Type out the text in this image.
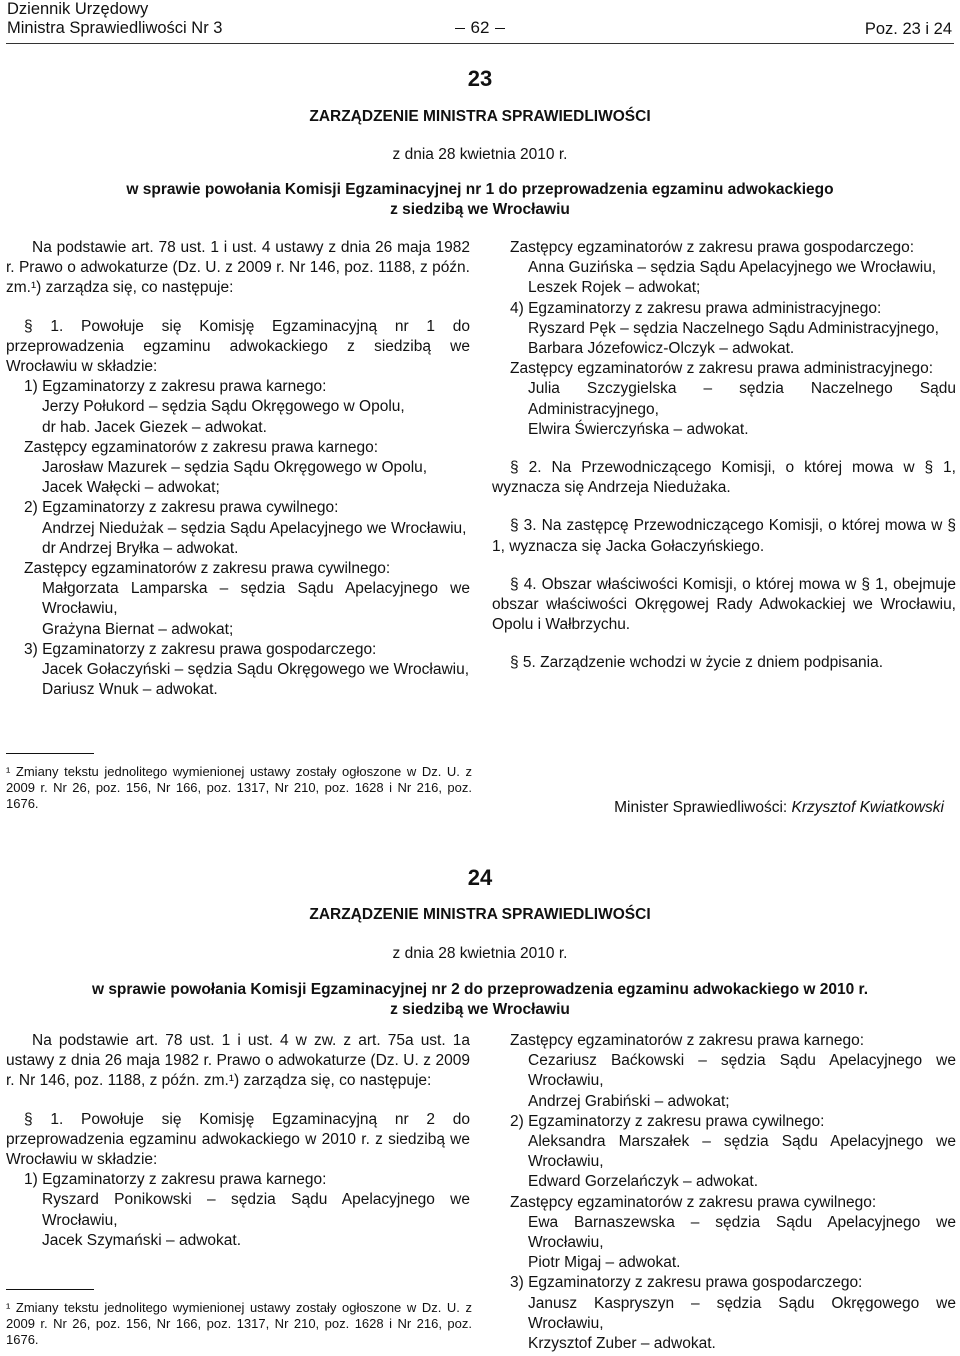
Dziennik Urzędowy
Ministra Sprawiedliwości Nr 3	62	Poz. 23 i 24
23
ZARZĄDZENIE MINISTRA SPRAWIEDLIWOŚCI
z dnia 28 kwietnia 2010 r.
w sprawie powołania Komisji Egzaminacyjnej nr 1 do przeprowadzenia egzaminu adwokackiego
z siedzibą we Wrocławiu

Na podstawie art. 78 ust. 1 i ust. 4 ustawy z dnia 26 maja 1982 r. Prawo o adwokaturze (Dz. U. z 2009 r. Nr 146, poz. 1188, z późn. zm.¹) zarządza się, co następuje:

§ 1. Powołuje się Komisję Egzaminacyjną nr 1 do przeprowadzenia egzaminu adwokackiego z siedzibą we Wrocławiu w składzie:

1) Egzaminatorzy z zakresu prawa karnego:

Jerzy Połukord – sędzia Sądu Okręgowego w Opolu,

dr hab. Jacek Giezek – adwokat.

Zastępcy egzaminatorów z zakresu prawa karnego:

Jarosław Mazurek – sędzia Sądu Okręgowego w Opolu,

Jacek Wałęcki – adwokat;

2) Egzaminatorzy z zakresu prawa cywilnego:

Andrzej Niedużak – sędzia Sądu Apelacyjnego we Wrocławiu,

dr Andrzej Bryłka – adwokat.

Zastępcy egzaminatorów z zakresu prawa cywilnego:

Małgorzata Lamparska – sędzia Sądu Apelacyjnego we Wrocławiu,

Grażyna Biernat – adwokat;

3) Egzaminatorzy z zakresu prawa gospodarczego:

Jacek Gołaczyński – sędzia Sądu Okręgowego we Wrocławiu,

Dariusz Wnuk – adwokat.

¹ Zmiany tekstu jednolitego wymienionej ustawy zostały ogłoszone w Dz. U. z 2009 r. Nr 26, poz. 156, Nr 166, poz. 1317, Nr 210, poz. 1628 i Nr 216, poz. 1676.

Zastępcy egzaminatorów z zakresu prawa gospodarczego:

Anna Guzińska – sędzia Sądu Apelacyjnego we Wrocławiu,

Leszek Rojek – adwokat;

4) Egzaminatorzy z zakresu prawa administracyjnego:

Ryszard Pęk – sędzia Naczelnego Sądu Administracyjnego,

Barbara Józefowicz-Olczyk – adwokat.

Zastępcy egzaminatorów z zakresu prawa administracyjnego:

Julia Szczygielska – sędzia Naczelnego Sądu Administracyjnego,

Elwira Świerczyńska – adwokat.

§ 2. Na Przewodniczącego Komisji, o której mowa w § 1, wyznacza się Andrzeja Niedużaka.

§ 3. Na zastępcę Przewodniczącego Komisji, o której mowa w § 1, wyznacza się Jacka Gołaczyńskiego.

§ 4. Obszar właściwości Komisji, o której mowa w § 1, obejmuje obszar właściwości Okręgowej Rady Adwokackiej we Wrocławiu, Opolu i Wałbrzychu.

§ 5. Zarządzenie wchodzi w życie z dniem podpisania.

Minister Sprawiedliwości: Krzysztof Kwiatkowski
24
ZARZĄDZENIE MINISTRA SPRAWIEDLIWOŚCI
z dnia 28 kwietnia 2010 r.
w sprawie powołania Komisji Egzaminacyjnej nr 2 do przeprowadzenia egzaminu adwokackiego w 2010 r.
z siedzibą we Wrocławiu

Na podstawie art. 78 ust. 1 i ust. 4 w zw. z art. 75a ust. 1a ustawy z dnia 26 maja 1982 r. Prawo o adwokaturze (Dz. U. z 2009 r. Nr 146, poz. 1188, z późn. zm.¹) zarządza się, co następuje:

§ 1. Powołuje się Komisję Egzaminacyjną nr 2 do przeprowadzenia egzaminu adwokackiego w 2010 r. z siedzibą we Wrocławiu w składzie:

1) Egzaminatorzy z zakresu prawa karnego:

Ryszard Ponikowski – sędzia Sądu Apelacyjnego we Wrocławiu,

Jacek Szymański – adwokat.

¹ Zmiany tekstu jednolitego wymienionej ustawy zostały ogłoszone w Dz. U. z 2009 r. Nr 26, poz. 156, Nr 166, poz. 1317, Nr 210, poz. 1628 i Nr 216, poz. 1676.

Zastępcy egzaminatorów z zakresu prawa karnego:

Cezariusz Baćkowski – sędzia Sądu Apelacyjnego we Wrocławiu,

Andrzej Grabiński – adwokat;

2) Egzaminatorzy z zakresu prawa cywilnego:

Aleksandra Marszałek – sędzia Sądu Apelacyjnego we Wrocławiu,

Edward Gorzelańczyk – adwokat.

Zastępcy egzaminatorów z zakresu prawa cywilnego:

Ewa Barnaszewska – sędzia Sądu Apelacyjnego we Wrocławiu,

Piotr Migaj – adwokat.

3) Egzaminatorzy z zakresu prawa gospodarczego:

Janusz Kaspryszyn – sędzia Sądu Okręgowego we Wrocławiu,

Krzysztof Zuber – adwokat.
